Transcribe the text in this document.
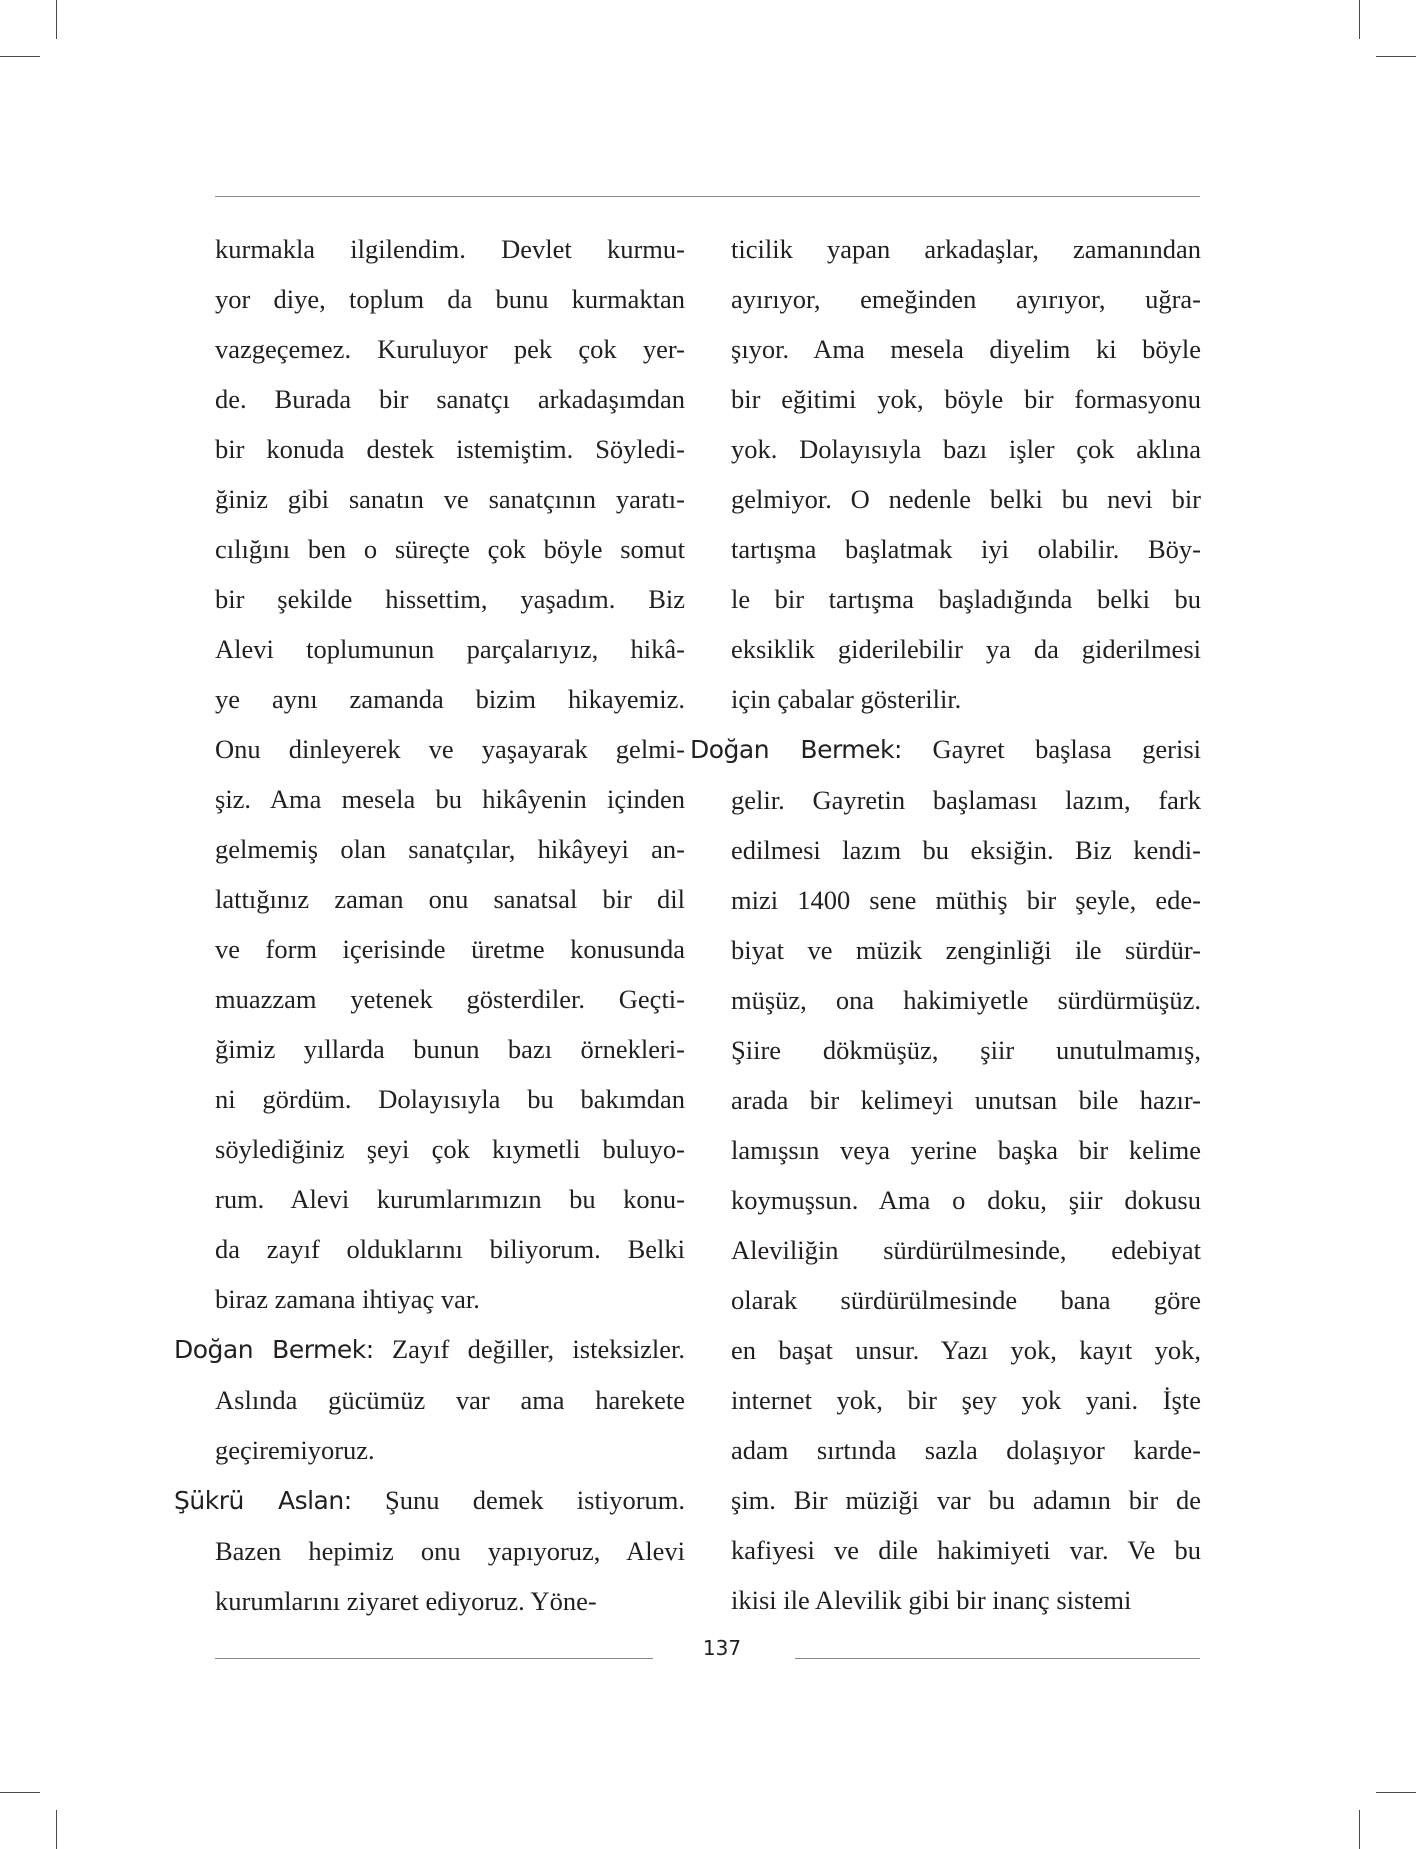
kurmakla ilgilendim. Devlet kurmu-
yor diye, toplum da bunu kurmaktan
vazgeçemez. Kuruluyor pek çok yer-
de. Burada bir sanatçı arkadaşımdan
bir konuda destek istemiştim. Söyledi-
ğiniz gibi sanatın ve sanatçının yaratı-
cılığını ben o süreçte çok böyle somut
bir şekilde hissettim, yaşadım. Biz
Alevi toplumunun parçalarıyız, hikâ-
ye aynı zamanda bizim hikayemiz.
Onu dinleyerek ve yaşayarak gelmi-
şiz. Ama mesela bu hikâyenin içinden
gelmemiş olan sanatçılar, hikâyeyi an-
lattığınız zaman onu sanatsal bir dil
ve form içerisinde üretme konusunda
muazzam yetenek gösterdiler. Geçti-
ğimiz yıllarda bunun bazı örnekleri-
ni gördüm. Dolayısıyla bu bakımdan
söylediğiniz şeyi çok kıymetli buluyo-
rum. Alevi kurumlarımızın bu konu-
da zayıf olduklarını biliyorum. Belki
biraz zamana ihtiyaç var.
Doğan Bermek: Zayıf değiller, isteksizler.
Aslında gücümüz var ama harekete
geçiremiyoruz.
Şükrü Aslan: Şunu demek istiyorum.
Bazen hepimiz onu yapıyoruz, Alevi
kurumlarını ziyaret ediyoruz. Yöne-
ticilik yapan arkadaşlar, zamanından
ayırıyor, emeğinden ayırıyor, uğra-
şıyor. Ama mesela diyelim ki böyle
bir eğitimi yok, böyle bir formasyonu
yok. Dolayısıyla bazı işler çok aklına
gelmiyor. O nedenle belki bu nevi bir
tartışma başlatmak iyi olabilir. Böy-
le bir tartışma başladığında belki bu
eksiklik giderilebilir ya da giderilmesi
için çabalar gösterilir.
Doğan Bermek: Gayret başlasa gerisi
gelir. Gayretin başlaması lazım, fark
edilmesi lazım bu eksiğin. Biz kendi-
mizi 1400 sene müthiş bir şeyle, ede-
biyat ve müzik zenginliği ile sürdür-
müşüz, ona hakimiyetle sürdürmüşüz.
Şiire dökmüşüz, şiir unutulmamış,
arada bir kelimeyi unutsan bile hazır-
lamışsın veya yerine başka bir kelime
koymuşsun. Ama o doku, şiir dokusu
Aleviliğin sürdürülmesinde, edebiyat
olarak sürdürülmesinde bana göre
en başat unsur. Yazı yok, kayıt yok,
internet yok, bir şey yok yani. İşte
adam sırtında sazla dolaşıyor karde-
şim. Bir müziği var bu adamın bir de
kafiyesi ve dile hakimiyeti var. Ve bu
ikisi ile Alevilik gibi bir inanç sistemi
137
